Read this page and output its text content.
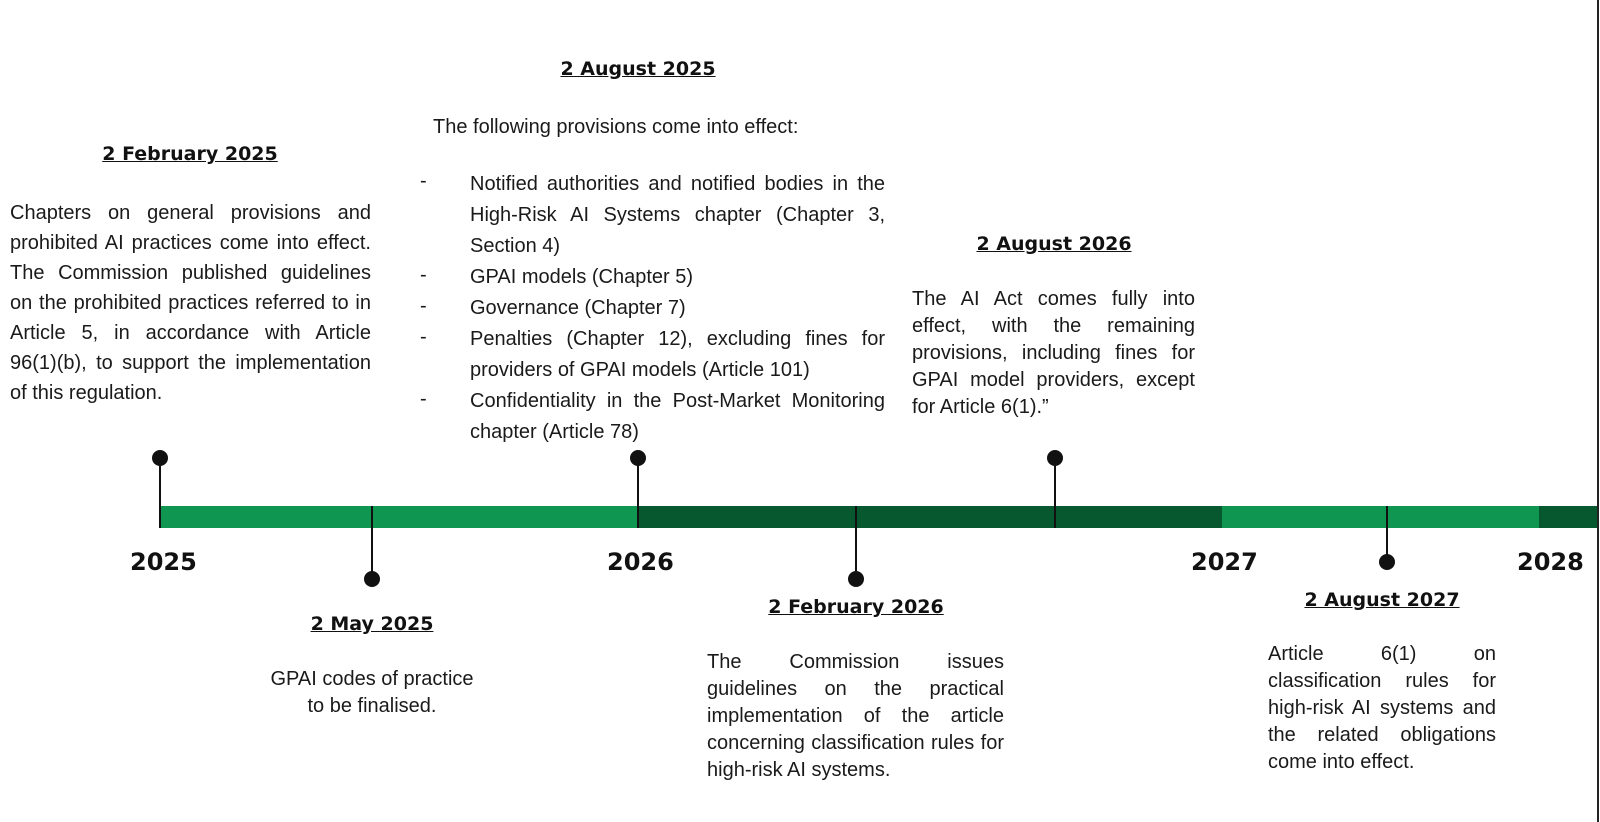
2025	2026	2027	2028
2 February 2025

Chapters on general provisions and prohibited AI practices come into effect. The Commission published guidelines on the prohibited practices referred to in Article 5, in accordance with Article 96(1)(b), to support the implementation of this regulation.

2 August 2025
The following provisions come into effect:
- Notified authorities and notified bodies in the High-Risk AI Systems chapter (Chapter 3, Section 4)

- GPAI models (Chapter 5)

- Governance (Chapter 7)

- Penalties (Chapter 12), excluding fines for providers of GPAI models (Article 101)

- Confidentiality in the Post-Market Monitoring chapter (Article 78)

2 August 2026

The AI Act comes fully into effect, with the remaining provisions, including fines for GPAI model providers, except for Article 6(1).”

2 May 2025
GPAI codes of practice
to be finalised.
2 February 2026

The Commission issues guidelines on the practical implementation of the article concerning classification rules for high-risk AI systems.

2 August 2027

Article 6(1) on classification rules for high-risk AI systems and the related obligations come into effect.
